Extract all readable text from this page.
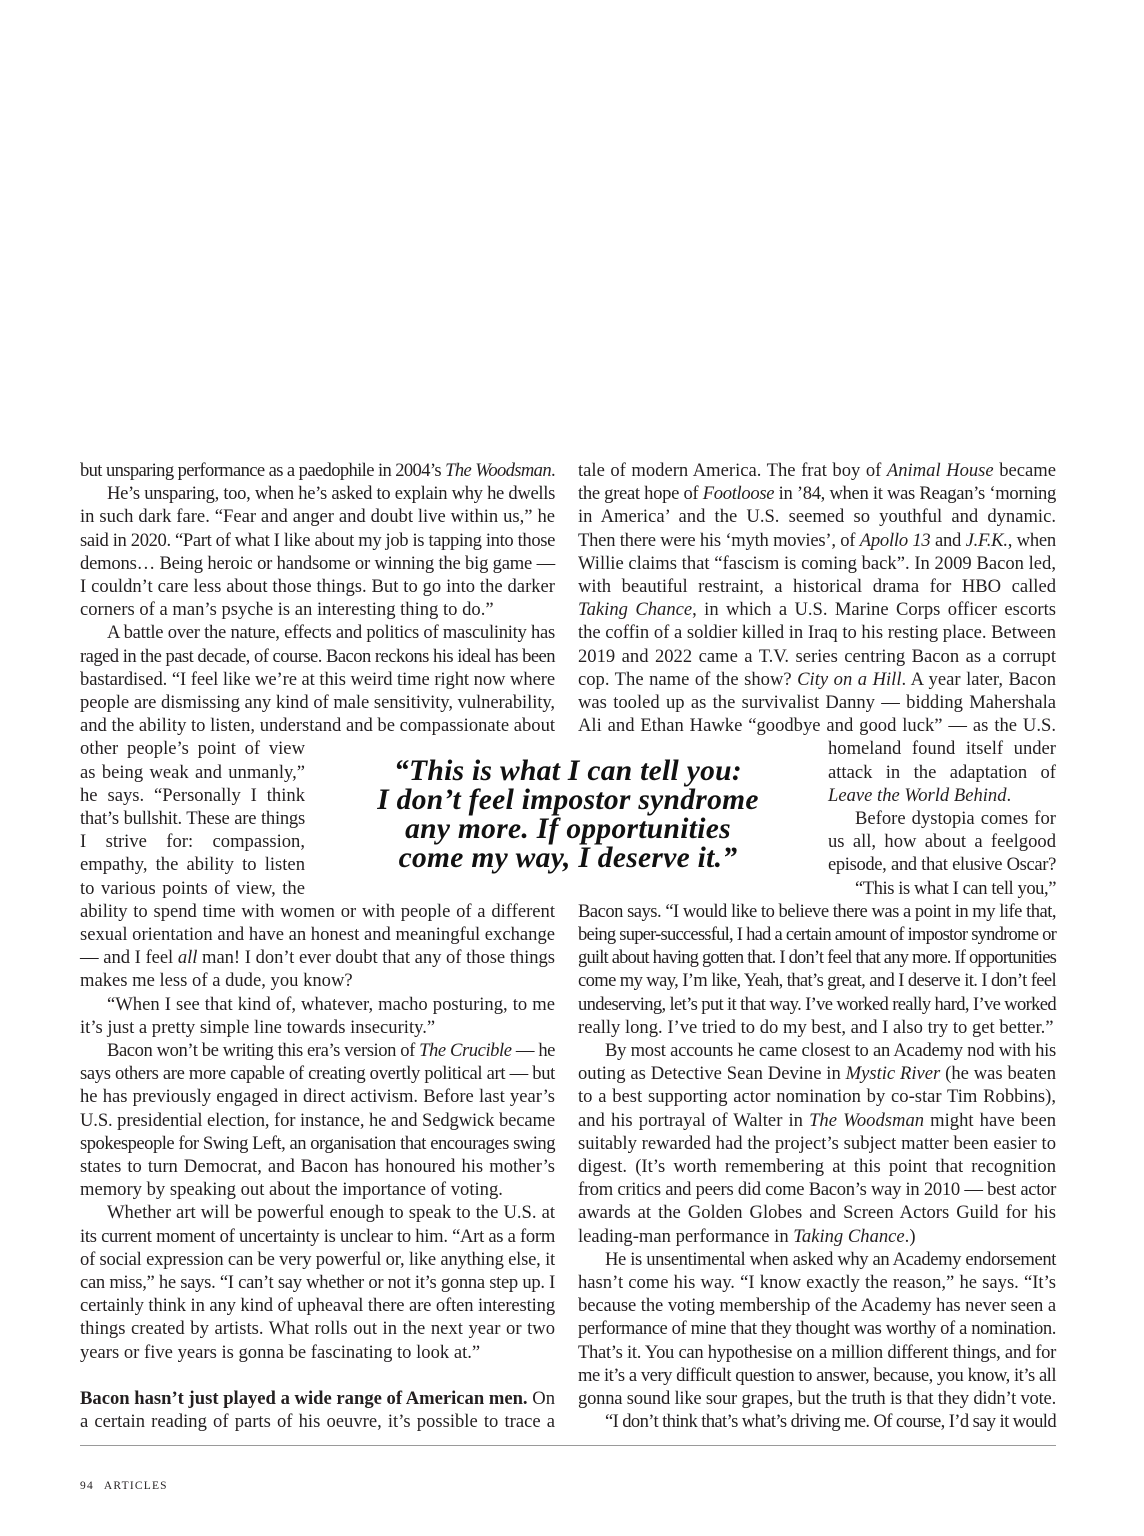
but unsparing performance as a paedophile in 2004’s The Woodsman.
He’s unsparing, too, when he’s asked to explain why he dwells
in such dark fare. “Fear and anger and doubt live within us,” he
said in 2020. “Part of what I like about my job is tapping into those
demons… Being heroic or handsome or winning the big game —
I couldn’t care less about those things. But to go into the darker
corners of a man’s psyche is an interesting thing to do.”
A battle over the nature, effects and politics of masculinity has
raged in the past decade, of course. Bacon reckons his ideal has been
bastardised. “I feel like we’re at this weird time right now where
people are dismissing any kind of male sensitivity, vulnerability,
and the ability to listen, understand and be compassionate about
other people’s point of view
as being weak and unmanly,”
he says. “Personally I think
that’s bullshit. These are things
I strive for: compassion,
empathy, the ability to listen
to various points of view, the
ability to spend time with women or with people of a different
sexual orientation and have an honest and meaningful exchange
— and I feel all man! I don’t ever doubt that any of those things
makes me less of a dude, you know?
“When I see that kind of, whatever, macho posturing, to me
it’s just a pretty simple line towards insecurity.”
Bacon won’t be writing this era’s version of The Crucible — he
says others are more capable of creating overtly political art — but
he has previously engaged in direct activism. Before last year’s
U.S. presidential election, for instance, he and Sedgwick became
spokespeople for Swing Left, an organisation that encourages swing
states to turn Democrat, and Bacon has honoured his mother’s
memory by speaking out about the importance of voting.
Whether art will be powerful enough to speak to the U.S. at
its current moment of uncertainty is unclear to him. “Art as a form
of social expression can be very powerful or, like anything else, it
can miss,” he says. “I can’t say whether or not it’s gonna step up. I
certainly think in any kind of upheaval there are often interesting
things created by artists. What rolls out in the next year or two
years or five years is gonna be fascinating to look at.”
Bacon hasn’t just played a wide range of American men. On
a certain reading of parts of his oeuvre, it’s possible to trace a
tale of modern America. The frat boy of Animal House became
the great hope of Footloose in ’84, when it was Reagan’s ‘morning
in America’ and the U.S. seemed so youthful and dynamic.
Then there were his ‘myth movies’, of Apollo 13 and J.F.K., when
Willie claims that “fascism is coming back”. In 2009 Bacon led,
with beautiful restraint, a historical drama for HBO called
Taking Chance, in which a U.S. Marine Corps officer escorts
the coffin of a soldier killed in Iraq to his resting place. Between
2019 and 2022 came a T.V. series centring Bacon as a corrupt
cop. The name of the show? City on a Hill. A year later, Bacon
was tooled up as the survivalist Danny — bidding Mahershala
Ali and Ethan Hawke “goodbye and good luck” — as the U.S.
homeland found itself under
attack in the adaptation of
Leave the World Behind.
Before dystopia comes for
us all, how about a feelgood
episode, and that elusive Oscar?
“This is what I can tell you,”
Bacon says. “I would like to believe there was a point in my life that,
being super-successful, I had a certain amount of impostor syndrome or
guilt about having gotten that. I don’t feel that any more. If opportunities
come my way, I’m like, Yeah, that’s great, and I deserve it. I don’t feel
undeserving, let’s put it that way. I’ve worked really hard, I’ve worked
really long. I’ve tried to do my best, and I also try to get better.”
By most accounts he came closest to an Academy nod with his
outing as Detective Sean Devine in Mystic River (he was beaten
to a best supporting actor nomination by co-star Tim Robbins),
and his portrayal of Walter in The Woodsman might have been
suitably rewarded had the project’s subject matter been easier to
digest. (It’s worth remembering at this point that recognition
from critics and peers did come Bacon’s way in 2010 — best actor
awards at the Golden Globes and Screen Actors Guild for his
leading-man performance in Taking Chance.)
He is unsentimental when asked why an Academy endorsement
hasn’t come his way. “I know exactly the reason,” he says. “It’s
because the voting membership of the Academy has never seen a
performance of mine that they thought was worthy of a nomination.
That’s it. You can hypothesise on a million different things, and for
me it’s a very difficult question to answer, because, you know, it’s all
gonna sound like sour grapes, but the truth is that they didn’t vote.
“I don’t think that’s what’s driving me. Of course, I’d say it would
“This is what I can tell you:
I don’t feel impostor syndrome
any more. If opportunities
come my way, I deserve it.”
94 ARTICLES
